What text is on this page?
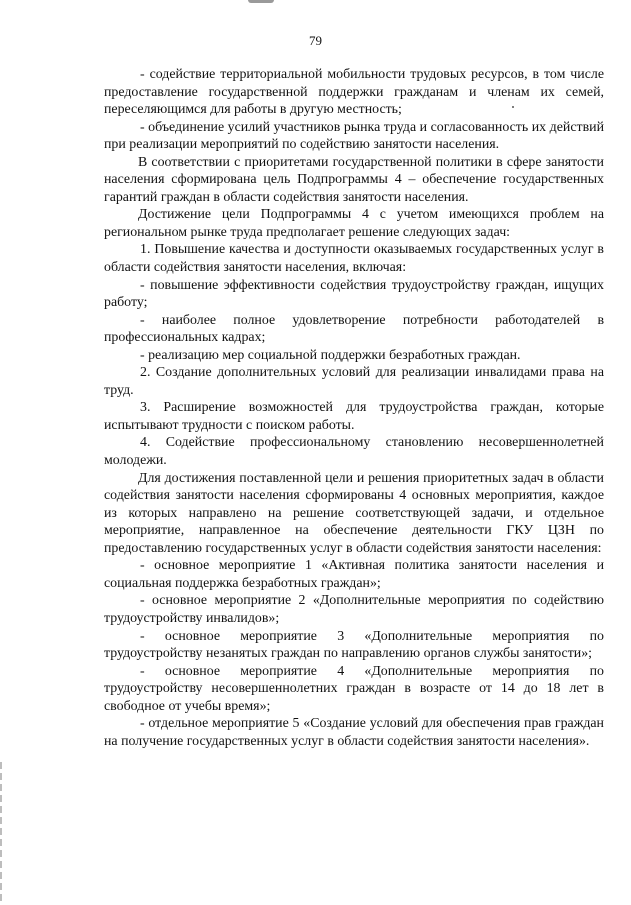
79

- содействие территориальной мобильности трудовых ресурсов, в том числе предоставление государственной поддержки гражданам и членам их семей, переселяющимся для работы в другую местность;

- объединение усилий участников рынка труда и согласованность их действий при реализации мероприятий по содействию занятости населения.

В соответствии с приоритетами государственной политики в сфере занятости населения сформирована цель Подпрограммы 4 – обеспечение государственных гарантий граждан в области содействия занятости населения.

Достижение цели Подпрограммы 4 с учетом имеющихся проблем на региональном рынке труда предполагает решение следующих задач:

1. Повышение качества и доступности оказываемых государственных услуг в области содействия занятости населения, включая:

- повышение эффективности содействия трудоустройству граждан, ищущих работу;

- наиболее полное удовлетворение потребности работодателей в профессиональных кадрах;

- реализацию мер социальной поддержки безработных граждан.

2. Создание дополнительных условий для реализации инвалидами права на труд.

3. Расширение возможностей для трудоустройства граждан, которые испытывают трудности с поиском работы.

4. Содействие профессиональному становлению несовершеннолетней молодежи.

Для достижения поставленной цели и решения приоритетных задач в области содействия занятости населения сформированы 4 основных мероприятия, каждое из которых направлено на решение соответствующей задачи, и отдельное мероприятие, направленное на обеспечение деятельности ГКУ ЦЗН по предоставлению государственных услуг в области содействия занятости населения:

- основное мероприятие 1 «Активная политика занятости населения и социальная поддержка безработных граждан»;

- основное мероприятие 2 «Дополнительные мероприятия по содействию трудоустройству инвалидов»;

- основное мероприятие 3 «Дополнительные мероприятия по трудоустройству незанятых граждан по направлению органов службы занятости»;

- основное мероприятие 4 «Дополнительные мероприятия по трудоустройству несовершеннолетних граждан в возрасте от 14 до 18 лет в свободное от учебы время»;

- отдельное мероприятие 5 «Создание условий для обеспечения прав граждан на получение государственных услуг в области содействия занятости населения».
